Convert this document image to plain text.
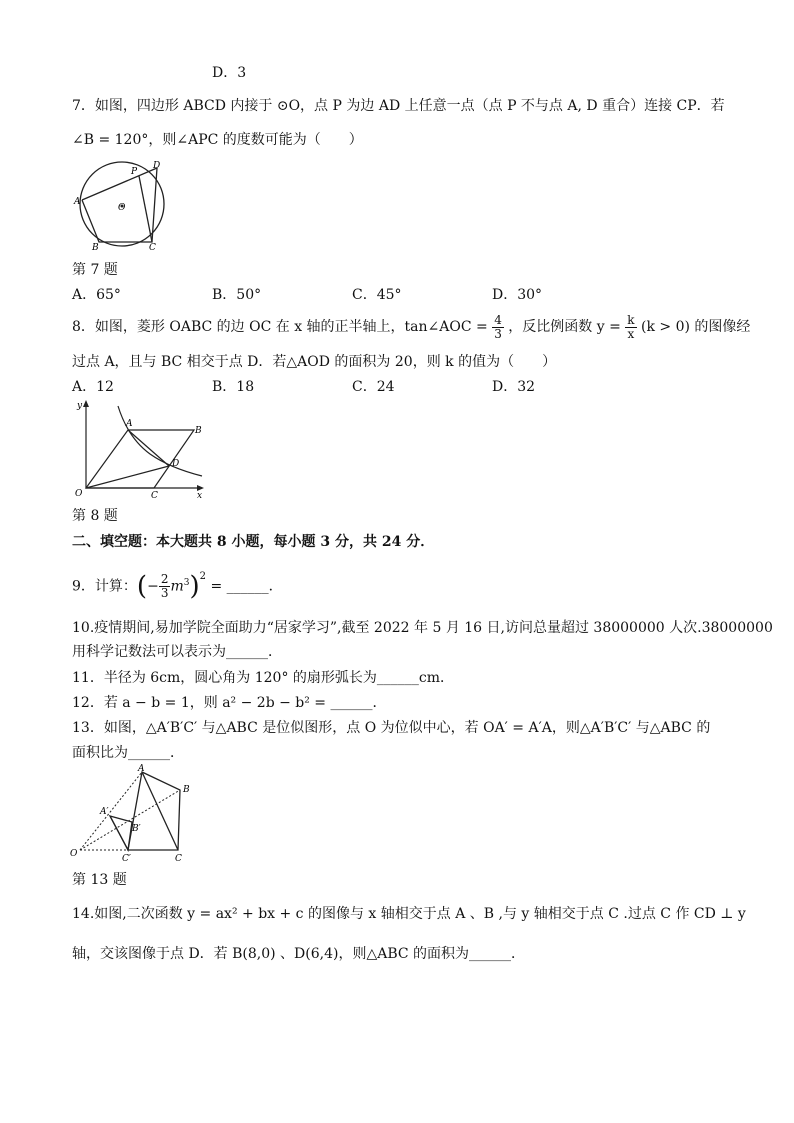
D．3
7．如图，四边形 ABCD 内接于 ⊙O，点 P 为边 AD 上任意一点（点 P 不与点 A, D 重合）连接 CP．若
∠B = 120°，则∠APC 的度数可能为（　　）
A
B	C
D
P
O
第 7 题
A．65°	B．50°	C．45°	D．30°
8．如图，菱形 OABC 的边 OC 在 x 轴的正半轴上，tan∠AOC = $\frac{4}{3}$ ，反比例函数 $y = \frac{k}{x} (k > 0)$ 的图像经
过点 A，且与 BC 相交于点 D．若△AOD 的面积为 20，则 k 的值为（　　）
A．12	B．18	C．24	D．32
y
x
O
A
B
C
D
第 8 题
二、填空题：本大题共 8 小题，每小题 3 分，共 24 分．
9．计算：(− $\frac{2}{3} m^3)^2$ = ______．
10.疫情期间,易加学院全面助力“居家学习”,截至 2022 年 5 月 16 日,访问总量超过 38000000 人次.38000000
用科学记数法可以表示为______．
11．半径为 6cm，圆心角为 120° 的扇形弧长为______cm．
12．若 a − b = 1，则 a² − 2b − b² = ______．
13．如图，△A′B′C′ 与△ABC 是位似图形，点 O 为位似中心，若 OA′ = A′A，则△A′B′C′ 与△ABC 的
面积比为______．
A
B
C
A′
B′
C′
O
第 13 题
14.如图,二次函数 y = ax² + bx + c 的图像与 x 轴相交于点 A 、B ,与 y 轴相交于点 C .过点 C 作 CD ⊥ y
轴，交该图像于点 D．若 B(8,0) 、D(6,4)，则△ABC 的面积为______．
